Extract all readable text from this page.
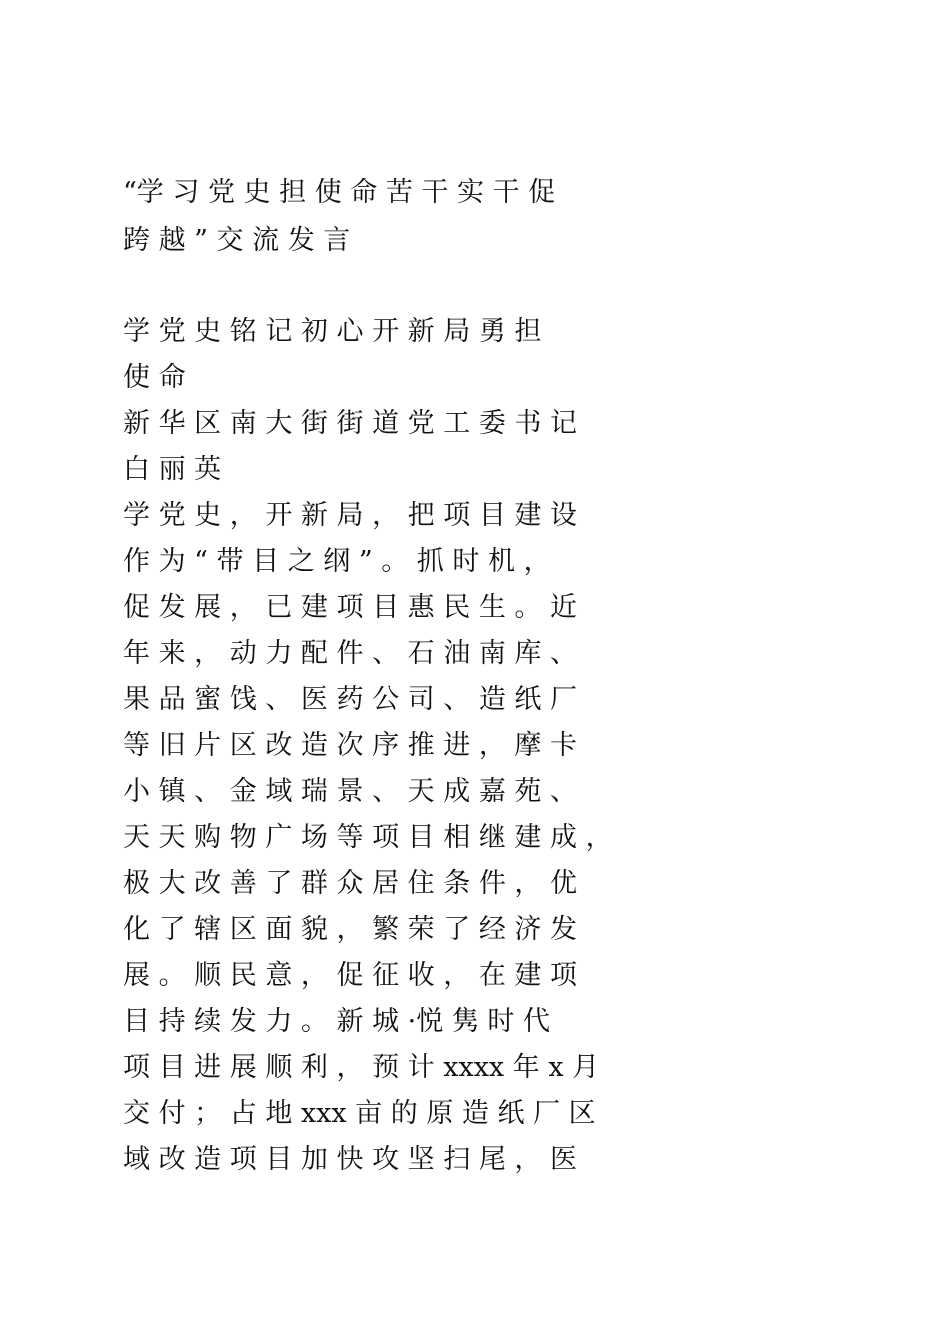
“学 习 党 史 担 使 命 苦 干 实 干 促
跨 越 ” 交 流 发 言
学 党 史 铭 记 初 心 开 新 局 勇 担
使 命
新 华 区 南 大 街 街 道 党 工 委 书 记
白 丽 英
学 党 史 ， 开 新 局 ， 把 项 目 建 设
作 为 “ 带 目 之 纲 ” 。 抓 时 机 ，
促 发 展 ， 已 建 项 目 惠 民 生 。 近
年 来 ， 动 力 配 件 、 石 油 南 库 、
果 品 蜜 饯 、 医 药 公 司 、 造 纸 厂
等 旧 片 区 改 造 次 序 推 进 ， 摩 卡
小 镇 、 金 域 瑞 景 、 天 成 嘉 苑 、
天 天 购 物 广 场 等 项 目 相 继 建 成 ，
极 大 改 善 了 群 众 居 住 条 件 ， 优
化 了 辖 区 面 貌 ， 繁 荣 了 经 济 发
展 。 顺 民 意 ， 促 征 收 ， 在 建 项
目 持 续 发 力 。 新 城 ·悦 隽 时 代
项 目 进 展 顺 利 ， 预 计 xxxx 年 x 月
交 付 ； 占 地 xxx 亩 的 原 造 纸 厂 区
域 改 造 项 目 加 快 攻 坚 扫 尾 ， 医
